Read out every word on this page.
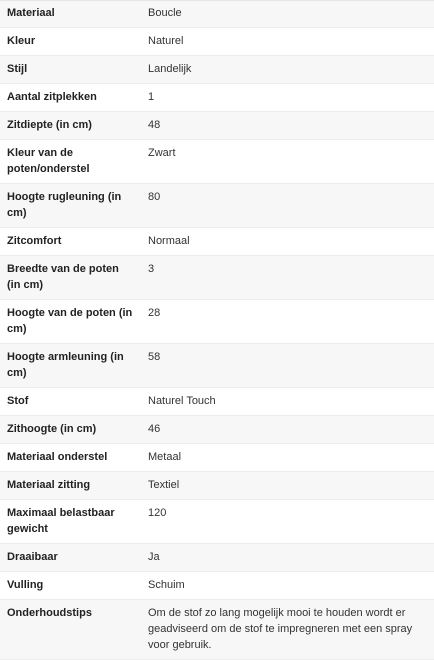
Materiaal	Boucle
Kleur	Naturel
Stijl	Landelijk
Aantal zitplekken	1
Zitdiepte (in cm)	48
Kleur van de poten/onderstel	Zwart
Hoogte rugleuning (in cm)	80
Zitcomfort	Normaal
Breedte van de poten (in cm)	3
Hoogte van de poten (in cm)	28
Hoogte armleuning (in cm)	58
Stof	Naturel Touch
Zithoogte (in cm)	46
Materiaal onderstel	Metaal
Materiaal zitting	Textiel
Maximaal belastbaar gewicht	120
Draaibaar	Ja
Vulling	Schuim
Onderhoudstips	Om de stof zo lang mogelijk mooi te houden wordt er geadviseerd om de stof te impregneren met een spray voor gebruik.
